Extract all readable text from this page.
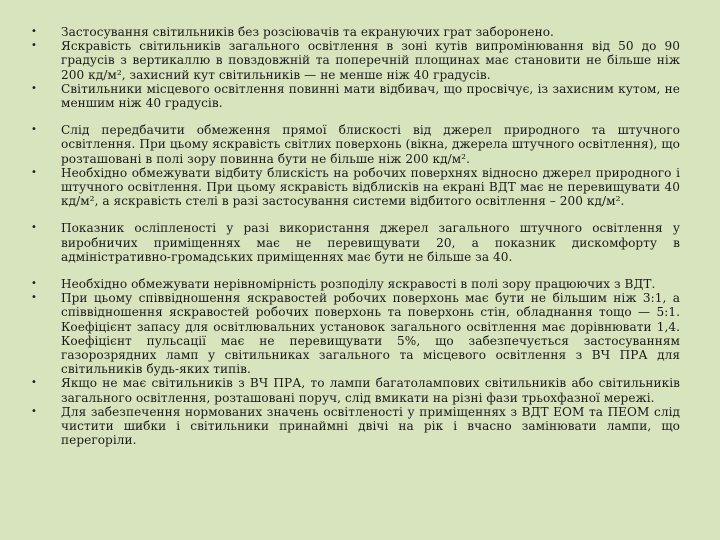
• Застосування світильників без розсіювачів та екрануючих грат заборонено.
• Яскравість світильників загального освітлення в зоні кутів випромінювання від 50 до 90 градусів з вертикаллю в повздовжній та поперечній площинах має становити не більше ніж 200 кд/м², захисний кут світильників — не менше ніж 40 градусів.
• Світильники місцевого освітлення повинні мати відбивач, що просвічує, із захисним кутом, не меншим ніж 40 градусів.
• Слід передбачити обмеження прямої блискості від джерел природного та штучного освітлення. При цьому яскравість світлих поверхонь (вікна, джерела штучного освітлення), що розташовані в полі зору повинна бути не більше ніж 200 кд/м².
• Необхідно обмежувати відбиту блискість на робочих поверхнях відносно джерел природного і штучного освітлення. При цьому яскравість відблисків на екрані ВДТ має не перевищувати 40 кд/м², а яскравість стелі в разі застосування системи відбитого освітлення – 200 кд/м².
• Показник осліпленості у разі використання джерел загального штучного освітлення у виробничих приміщеннях має не перевищувати 20, а показник дискомфорту в адміністративно-громадських приміщеннях має бути не більше за 40.
• Необхідно обмежувати нерівномірність розподілу яскравості в полі зору працюючих з ВДТ.
• При цьому співвідношення яскравостей робочих поверхонь має бути не більшим ніж 3:1, а співвідношення яскравостей робочих поверхонь та поверхонь стін, обладнання тощо — 5:1. Коефіцієнт запасу для освітлювальних установок загального освітлення має дорівнювати 1,4. Коефіцієнт пульсації має не перевищувати 5%, що забезпечується застосуванням газорозрядних ламп у світильниках загального та місцевого освітлення з ВЧ ПРА для світильників будь-яких типів.
• Якщо не має світильників з ВЧ ПРА, то лампи багатолампових світильників або світильників загального освітлення, розташовані поруч, слід вмикати на різні фази трьохфазної мережі.
• Для забезпечення нормованих значень освітленості у приміщеннях з ВДТ ЕОМ та ПЕОМ слід чистити шибки і світильники принаймні двічі на рік і вчасно замінювати лампи, що перегоріли.
